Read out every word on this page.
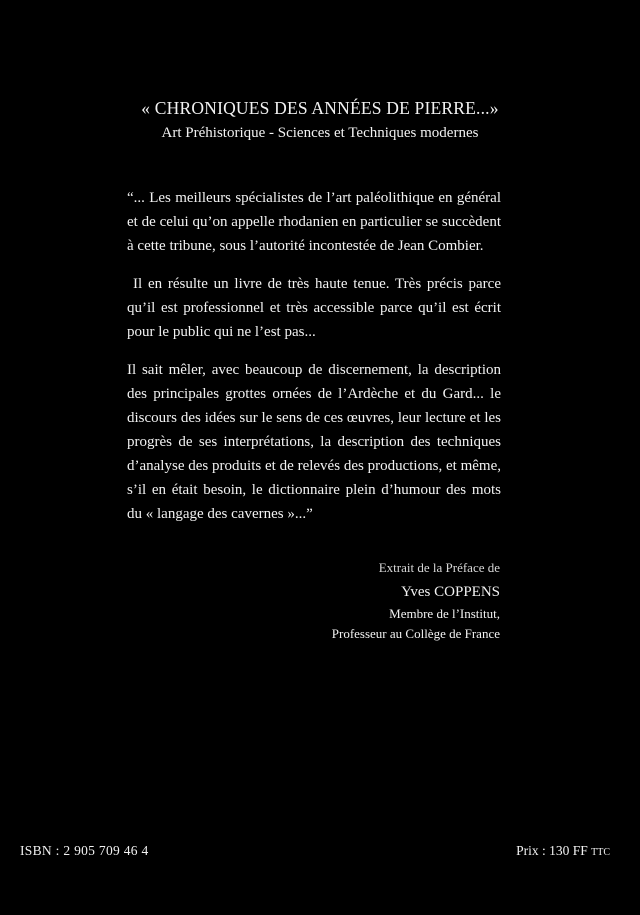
« CHRONIQUES DES ANNÉES DE PIERRE...»
Art Préhistorique - Sciences et Techniques modernes

“... Les meilleurs spécialistes de l’art paléolithique en général et de celui qu’on appelle rhodanien en particulier se succèdent à cette tribune, sous l’autorité incontestée de Jean Combier.

Il en résulte un livre de très haute tenue. Très précis parce qu’il est professionnel et très accessible parce qu’il est écrit pour le public qui ne l’est pas...

Il sait mêler, avec beaucoup de discernement, la description des principales grottes ornées de l’Ardèche et du Gard... le discours des idées sur le sens de ces œuvres, leur lecture et les progrès de ses interprétations, la description des techniques d’analyse des produits et de relevés des productions, et même, s’il en était besoin, le dictionnaire plein d’humour des mots du « langage des cavernes »...”

Extrait de la Préface de
Yves COPPENS
Membre de l’Institut,
Professeur au Collège de France
ISBN : 2 905 709 46 4	Prix : 130 FF TTC
